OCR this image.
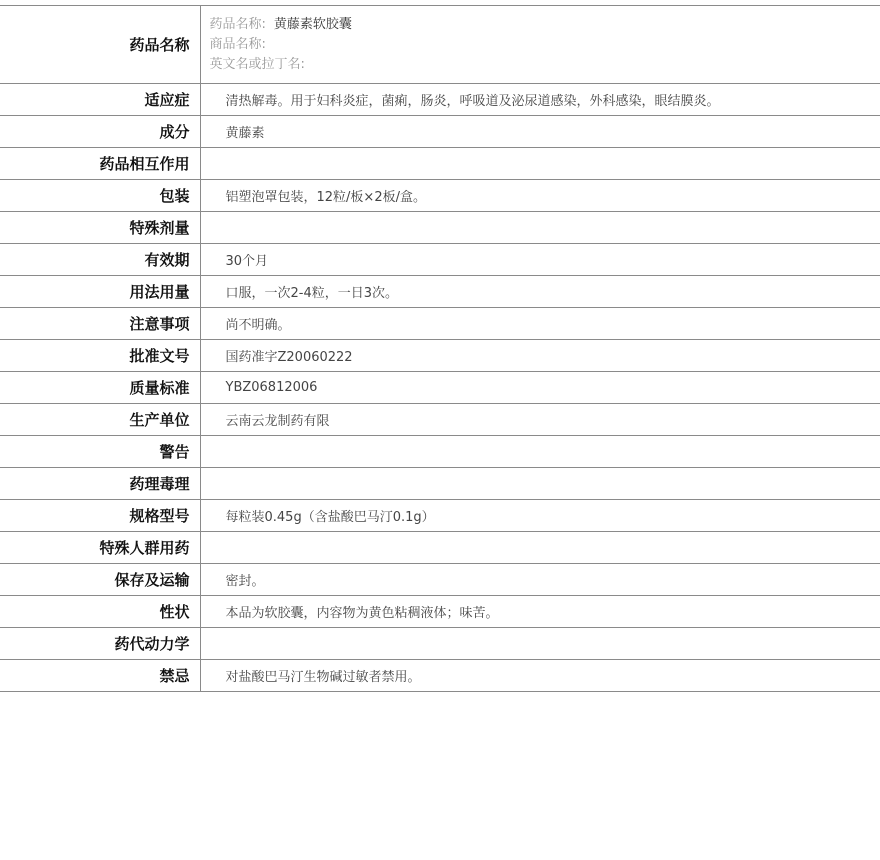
药品名称	药品名称: 黄藤素软胶囊
商品名称:
英文名或拉丁名:

适应症	清热解毒。用于妇科炎症，菌痢，肠炎，呼吸道及泌尿道感染，外科感染，眼结膜炎。
成分	黄藤素
药品相互作用	
包装	铝塑泡罩包装，12粒/板×2板/盒。
特殊剂量	
有效期	30个月
用法用量	口服，一次2-4粒，一日3次。
注意事项	尚不明确。
批准文号	国药准字Z20060222
质量标准	YBZ06812006
生产单位	云南云龙制药有限
警告	
药理毒理	
规格型号	每粒装0.45g（含盐酸巴马汀0.1g）
特殊人群用药	
保存及运输	密封。
性状	本品为软胶囊，内容物为黄色粘稠液体；味苦。
药代动力学	
禁忌	对盐酸巴马汀生物碱过敏者禁用。
